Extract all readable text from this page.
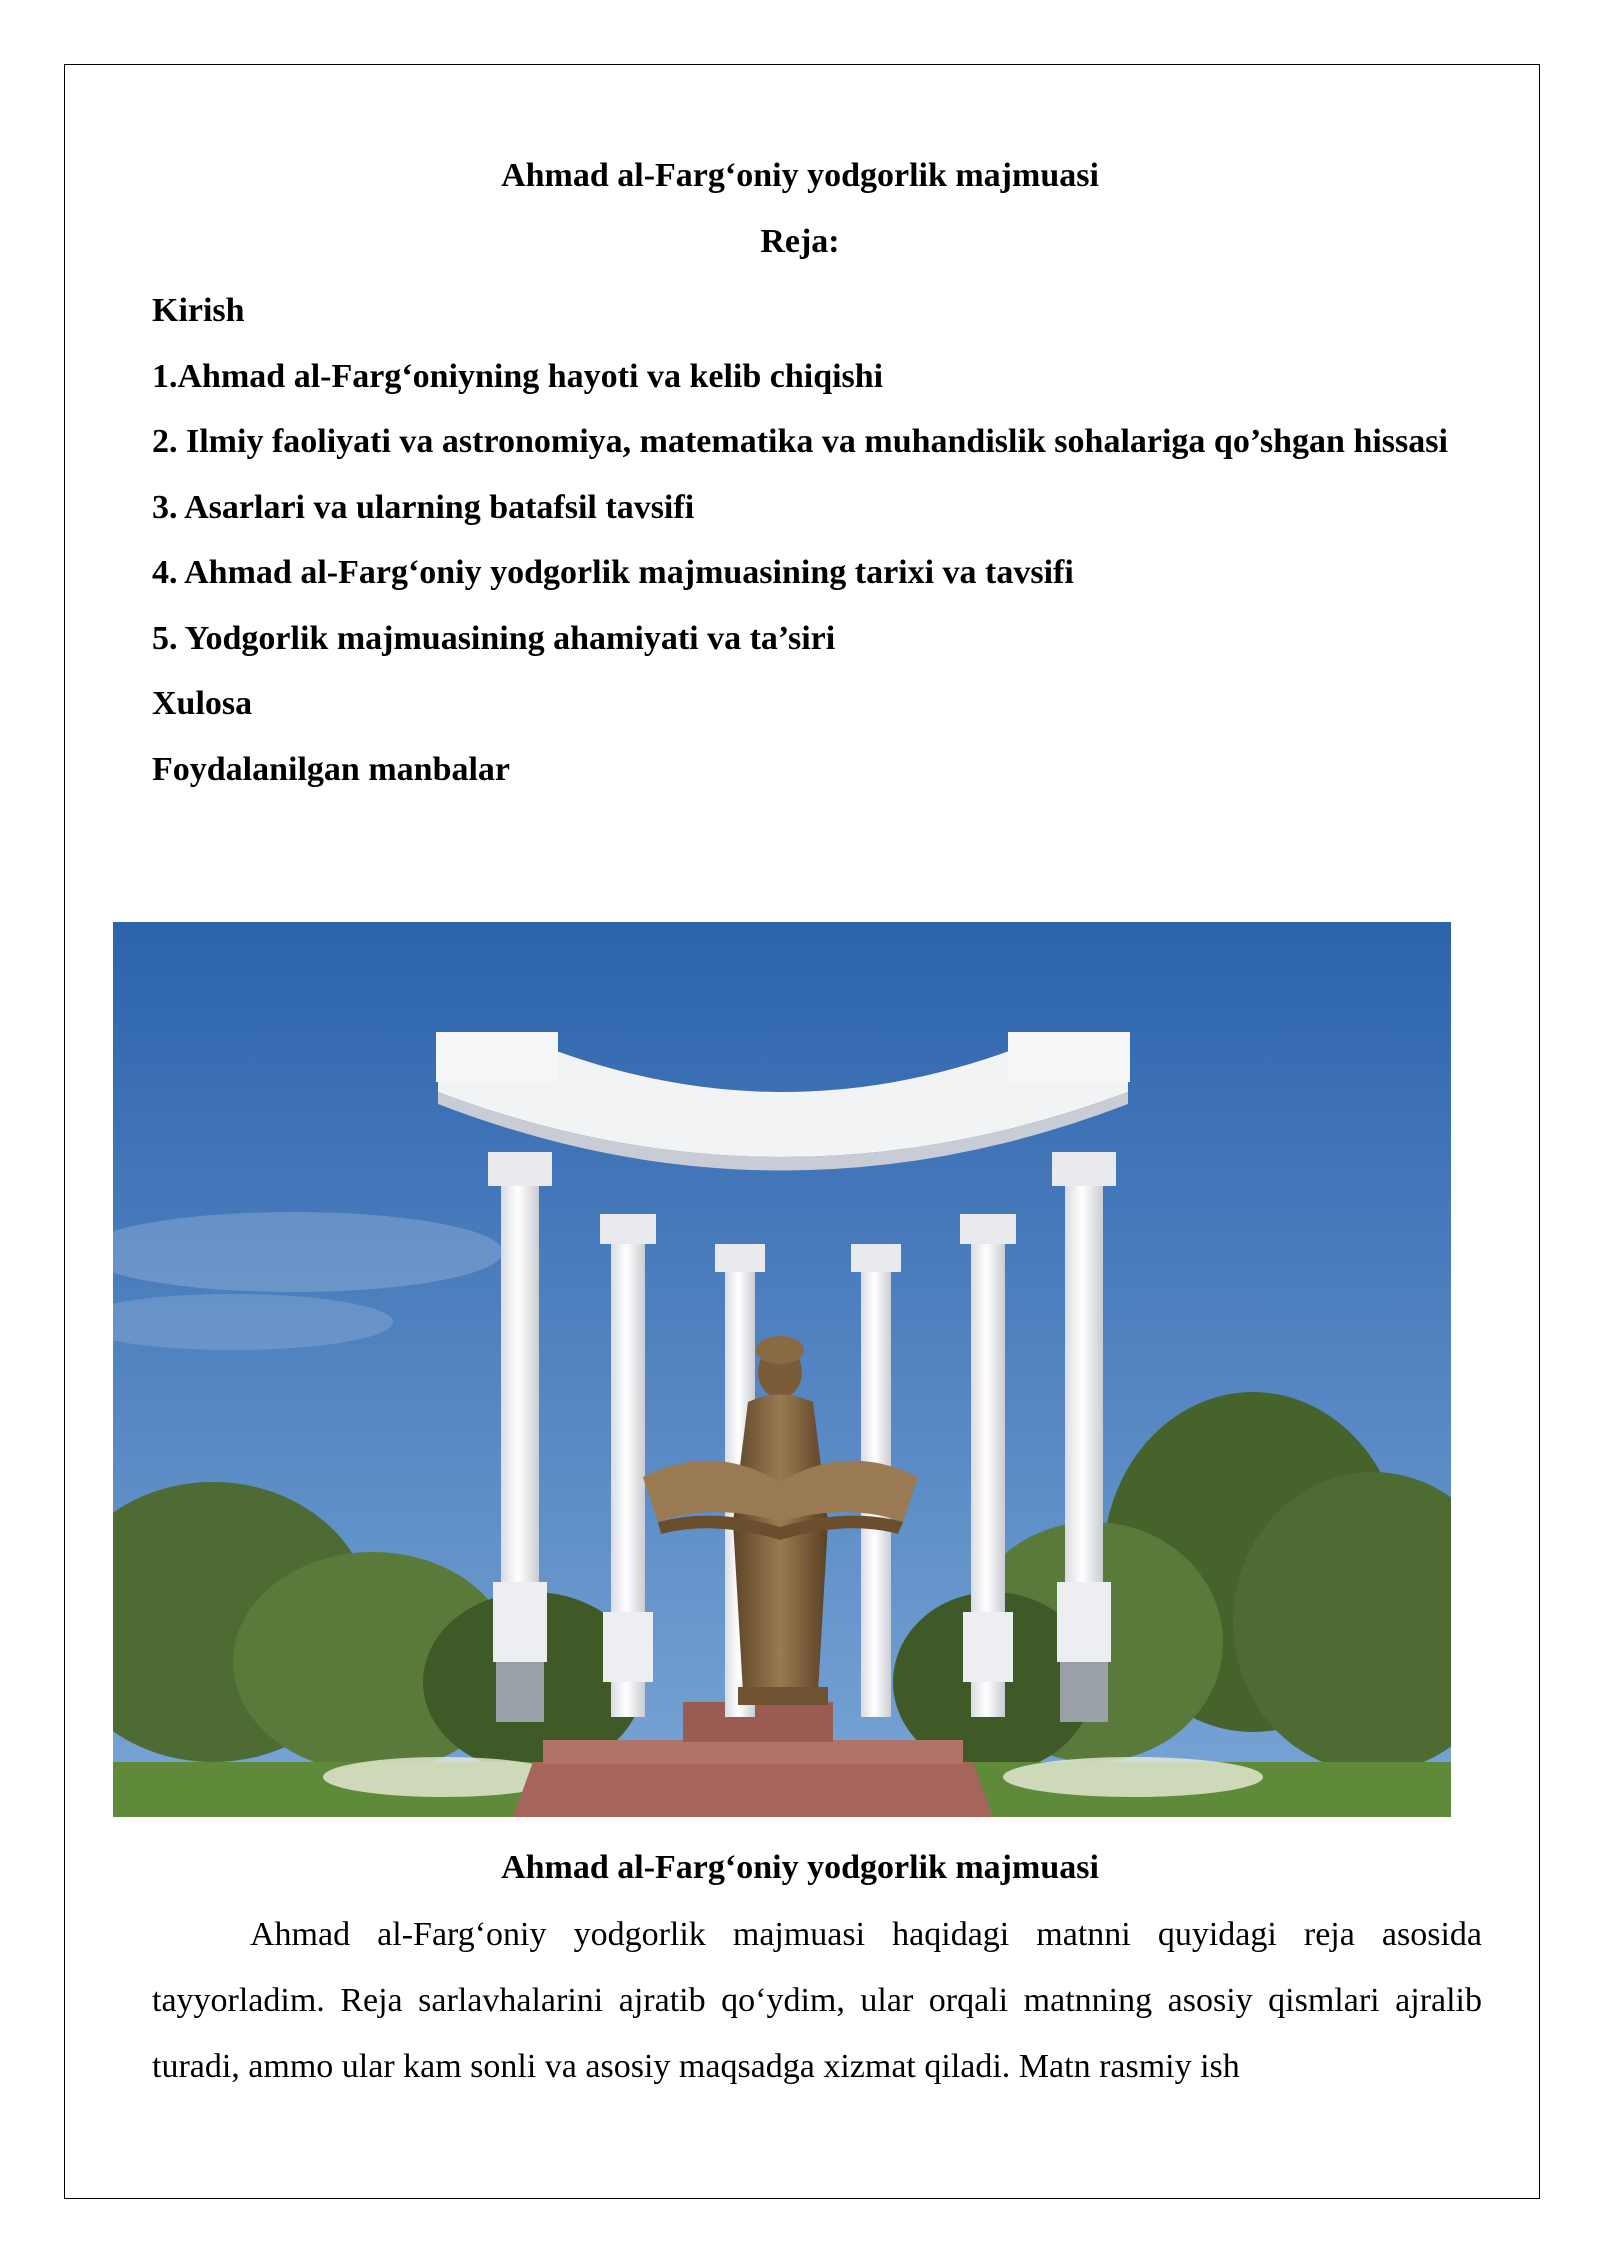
Ahmad al-Farg‘oniy yodgorlik majmuasi
Reja:
Kirish
1.Ahmad al-Farg‘oniyning hayoti va kelib chiqishi
2. Ilmiy faoliyati va astronomiya, matematika va muhandislik sohalariga qo’shgan hissasi
3. Asarlari va ularning batafsil tavsifi
4. Ahmad al-Farg‘oniy yodgorlik majmuasining tarixi va tavsifi
5. Yodgorlik majmuasining ahamiyati va ta’siri
Xulosa
Foydalanilgan manbalar
Ahmad al-Farg‘oniy yodgorlik majmuasi

Ahmad al-Farg‘oniy yodgorlik majmuasi haqidagi matnni quyidagi reja asosida tayyorladim. Reja sarlavhalarini ajratib qo‘ydim, ular orqali matnning asosiy qismlari ajralib turadi, ammo ular kam sonli va asosiy maqsadga xizmat qiladi. Matn rasmiy ish
